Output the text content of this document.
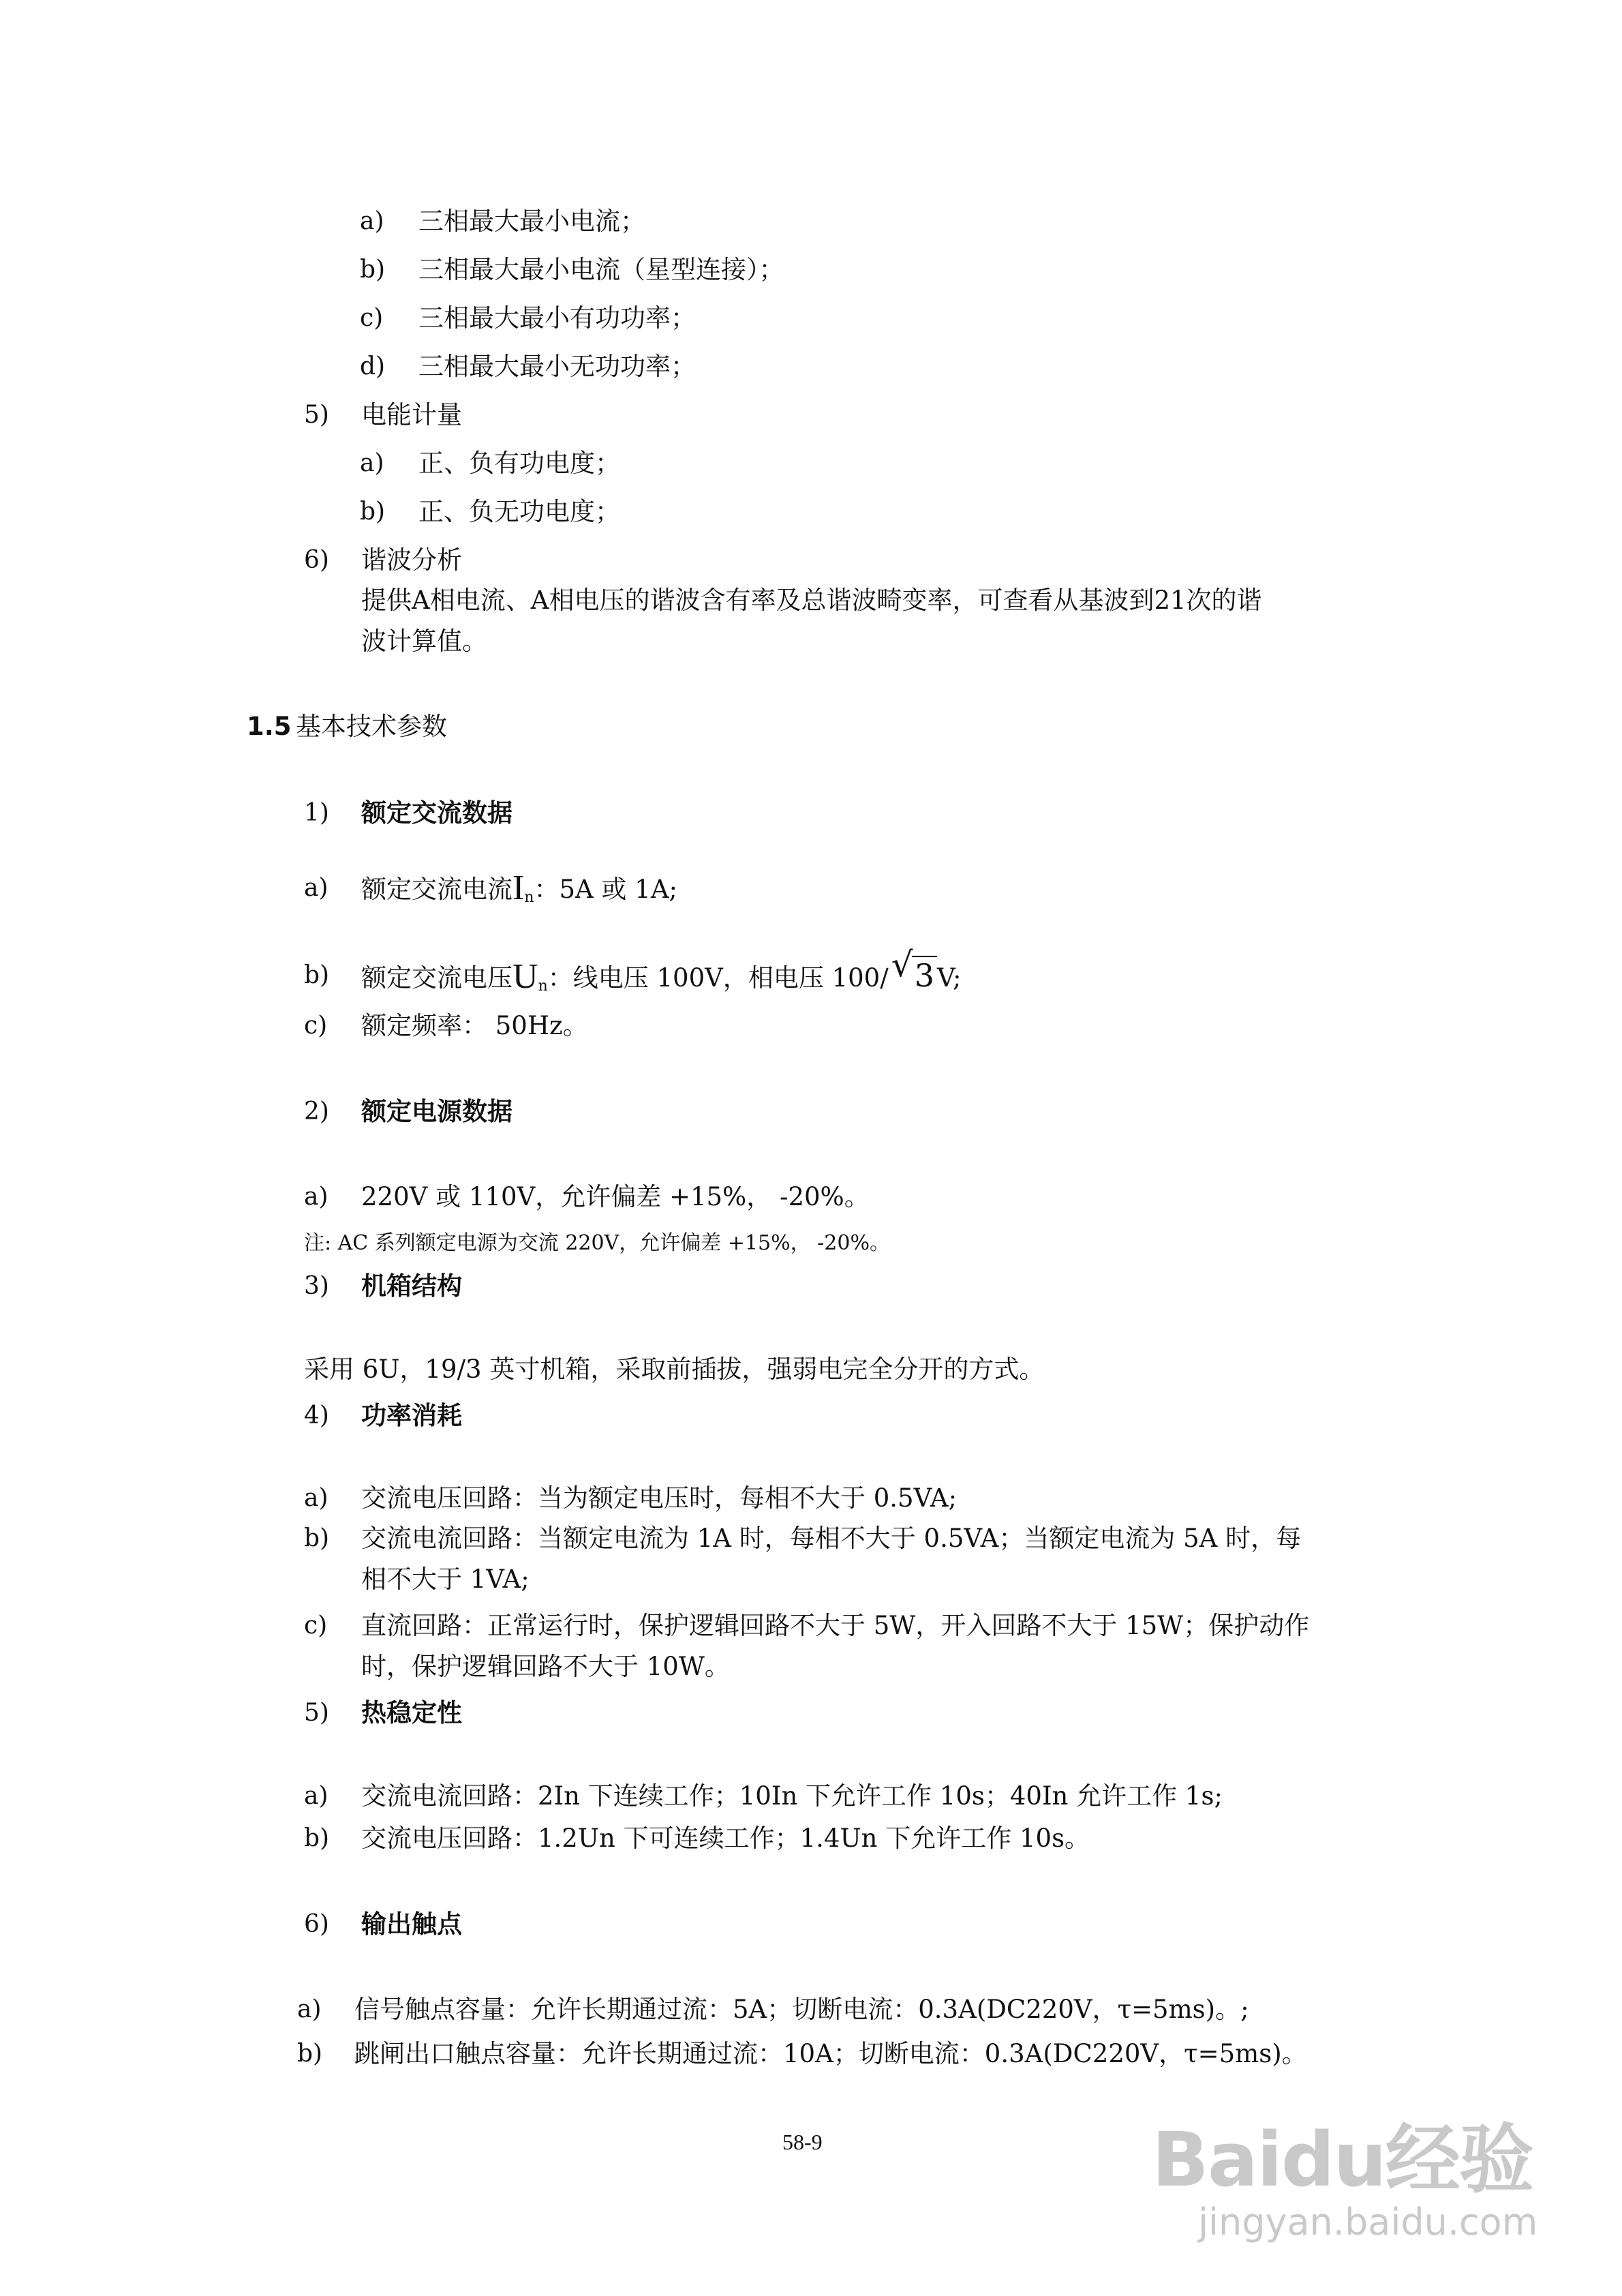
a) 三相最大最小电流；
b) 三相最大最小电流（星型连接）；
c) 三相最大最小有功功率；
d) 三相最大最小无功功率；
5) 电能计量
a) 正、负有功电度；
b) 正、负无功电度；
6) 谐波分析
提供A相电流、A相电压的谐波含有率及总谐波畸变率，可查看从基波到21次的谐
波计算值。
1.5 基本技术参数
1) 额定交流数据
a) 额定交流电流$I_n$：5A 或 1A;
b) 额定交流电压$U_n$：线电压 100V，相电压 100/ √ 3 V;
c) 额定频率： 50Hz。
2) 额定电源数据
a) 220V 或 110V，允许偏差 +15%， -20%。
注: AC 系列额定电源为交流 220V，允许偏差 +15%， -20%。
3) 机箱结构
采用 6U，19/3 英寸机箱，采取前插拔，强弱电完全分开的方式。
4) 功率消耗
a) 交流电压回路：当为额定电压时，每相不大于 0.5VA;
b) 交流电流回路：当额定电流为 1A 时，每相不大于 0.5VA；当额定电流为 5A 时，每
相不大于 1VA;
c) 直流回路：正常运行时，保护逻辑回路不大于 5W，开入回路不大于 15W；保护动作
时，保护逻辑回路不大于 10W。
5) 热稳定性
a) 交流电流回路：2In 下连续工作；10In 下允许工作 10s；40In 允许工作 1s;
b) 交流电压回路：1.2Un 下可连续工作；1.4Un 下允许工作 10s。
6) 输出触点
a) 信号触点容量：允许长期通过流：5A；切断电流：0.3A(DC220V，τ=5ms)。;
b) 跳闸出口触点容量：允许长期通过流：10A；切断电流：0.3A(DC220V，τ=5ms)。
58-9	Baidu经验
jingyan.baidu.com
